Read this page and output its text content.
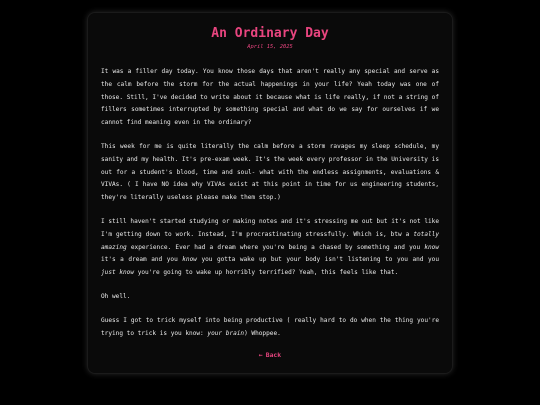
An Ordinary Day
April 15, 2025

It was a filler day today. You know those days that aren't really any special and serve as the calm before the storm for the actual happenings in your life? Yeah today was one of those. Still, I've decided to write about it because what is life really, if not a string of fillers sometimes interrupted by something special and what do we say for ourselves if we cannot find meaning even in the ordinary?

This week for me is quite literally the calm before a storm ravages my sleep schedule, my sanity and my health. It's pre-exam week. It's the week every professor in the University is out for a student's blood, time and soul- what with the endless assignments, evaluations & VIVAs. ( I have NO idea why VIVAs exist at this point in time for us engineering students, they're literally useless please make them stop.)

I still haven't started studying or making notes and it's stressing me out but it's not like I'm getting down to work. Instead, I'm procrastinating stressfully. Which is, btw a totally amazing experience. Ever had a dream where you're being a chased by something and you know it's a dream and you know you gotta wake up but your body isn't listening to you and you just know you're going to wake up horribly terrified? Yeah, this feels like that.

Oh well.

Guess I got to trick myself into being productive ( really hard to do when the thing you're trying to trick is you know: your brain) Whoppee.

← Back
